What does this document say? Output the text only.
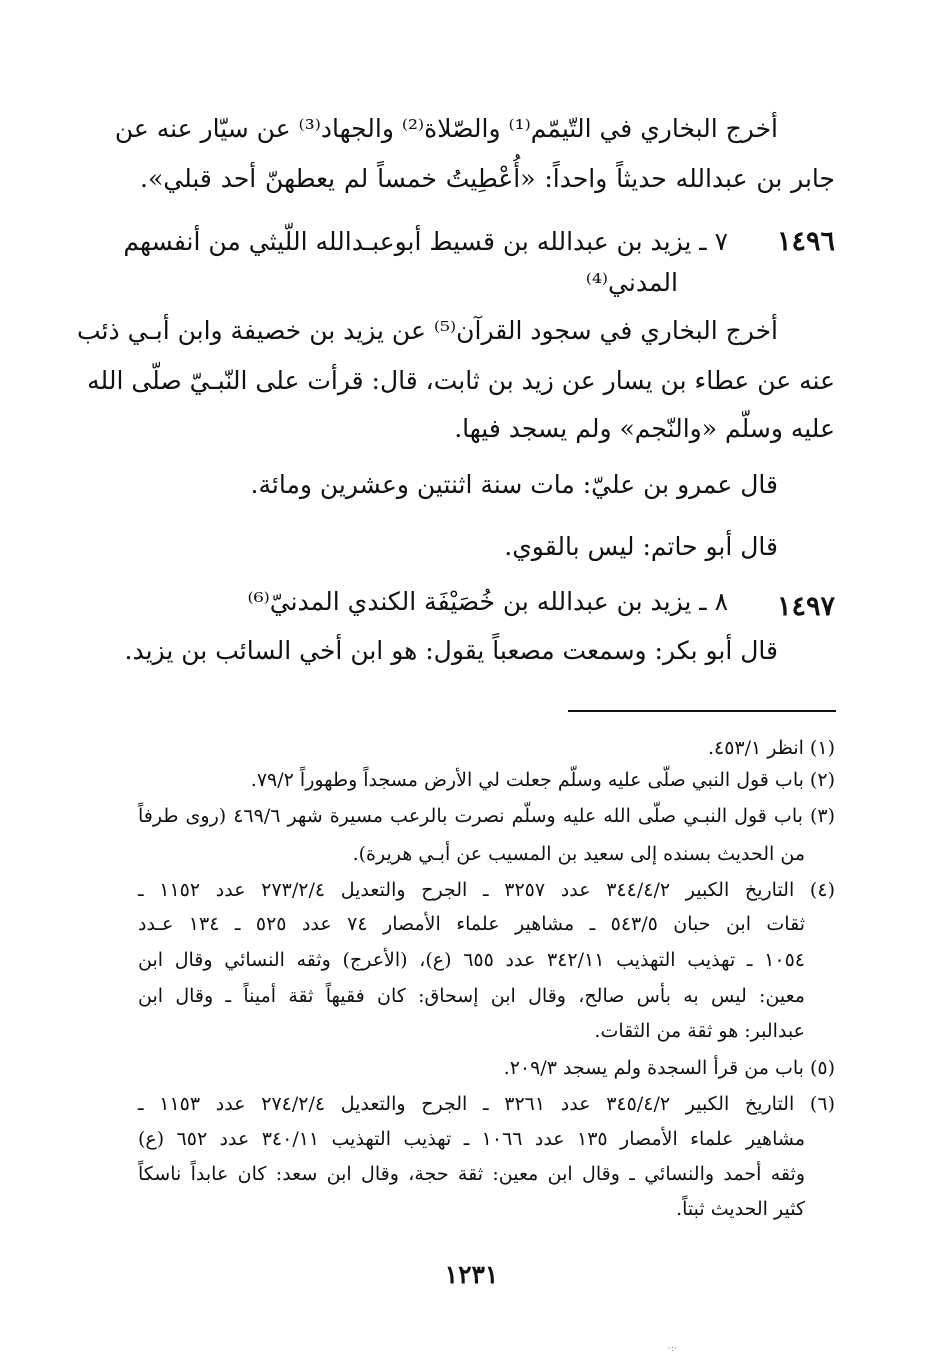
أخرج البخاري في التّيمّم⁽¹⁾ والصّلاة⁽²⁾ والجهاد⁽³⁾ عن سيّار عنه عن
جابر بن عبدالله حديثاً واحداً: «أُعْطِيتُ خمساً لم يعطهنّ أحد قبلي».
١٤٩٦
٧ ـ يزيد بن عبدالله بن قسيط أبوعبـدالله اللّيثي من أنفسهم
المدني⁽⁴⁾
أخرج البخاري في سجود القرآن⁽⁵⁾ عن يزيد بن خصيفة وابن أبـي ذئب
عنه عن عطاء بن يسار عن زيد بن ثابت، قال: قرأت على النّبـيّ صلّى الله
عليه وسلّم «والنّجم» ولم يسجد فيها.
قال عمرو بن عليّ: مات سنة اثنتين وعشرين ومائة.
قال أبو حاتم: ليس بالقوي.
١٤٩٧
٨ ـ يزيد بن عبدالله بن خُصَيْفَة الكندي المدنيّ⁽⁶⁾
قال أبو بكر: وسمعت مصعباً يقول: هو ابن أخي السائب بن يزيد.
(١) انظر ٤٥٣/١.
(٢) باب قول النبي صلّى عليه وسلّم جعلت لي الأرض مسجداً وطهوراً ٧٩/٢.
(٣) باب قول النبـي صلّى الله عليه وسلّم نصرت بالرعب مسيرة شهر ٤٦٩/٦ (روى طرفاً
من الحديث بسنده إلى سعيد بن المسيب عن أبـي هريرة).
(٤) التاريخ الكبير ٣٤٤/٤/٢ عدد ٣٢٥٧ ـ الجرح والتعديل ٢٧٣/٢/٤ عدد ١١٥٢ ـ
ثقات ابن حبان ٥٤٣/٥ ـ مشاهير علماء الأمصار ٧٤ عدد ٥٢٥ ـ ١٣٤ عـدد
١٠٥٤ ـ تهذيب التهذيب ٣٤٢/١١ عدد ٦٥٥ (ع)، (الأعرج) وثقه النسائي وقال ابن
معين: ليس به بأس صالح، وقال ابن إسحاق: كان فقيهاً ثقة أميناً ـ وقال ابن
عبدالبر: هو ثقة من الثقات.
(٥) باب من قرأ السجدة ولم يسجد ٢٠٩/٣.
(٦) التاريخ الكبير ٣٤٥/٤/٢ عدد ٣٢٦١ ـ الجرح والتعديل ٢٧٤/٢/٤ عدد ١١٥٣ ـ
مشاهير علماء الأمصار ١٣٥ عدد ١٠٦٦ ـ تهذيب التهذيب ٣٤٠/١١ عدد ٦٥٢ (ع)
وثقه أحمد والنسائي ـ وقال ابن معين: ثقة حجة، وقال ابن سعد: كان عابداً ناسكاً
كثير الحديث ثبتاً.
١٢٣١
·:·
